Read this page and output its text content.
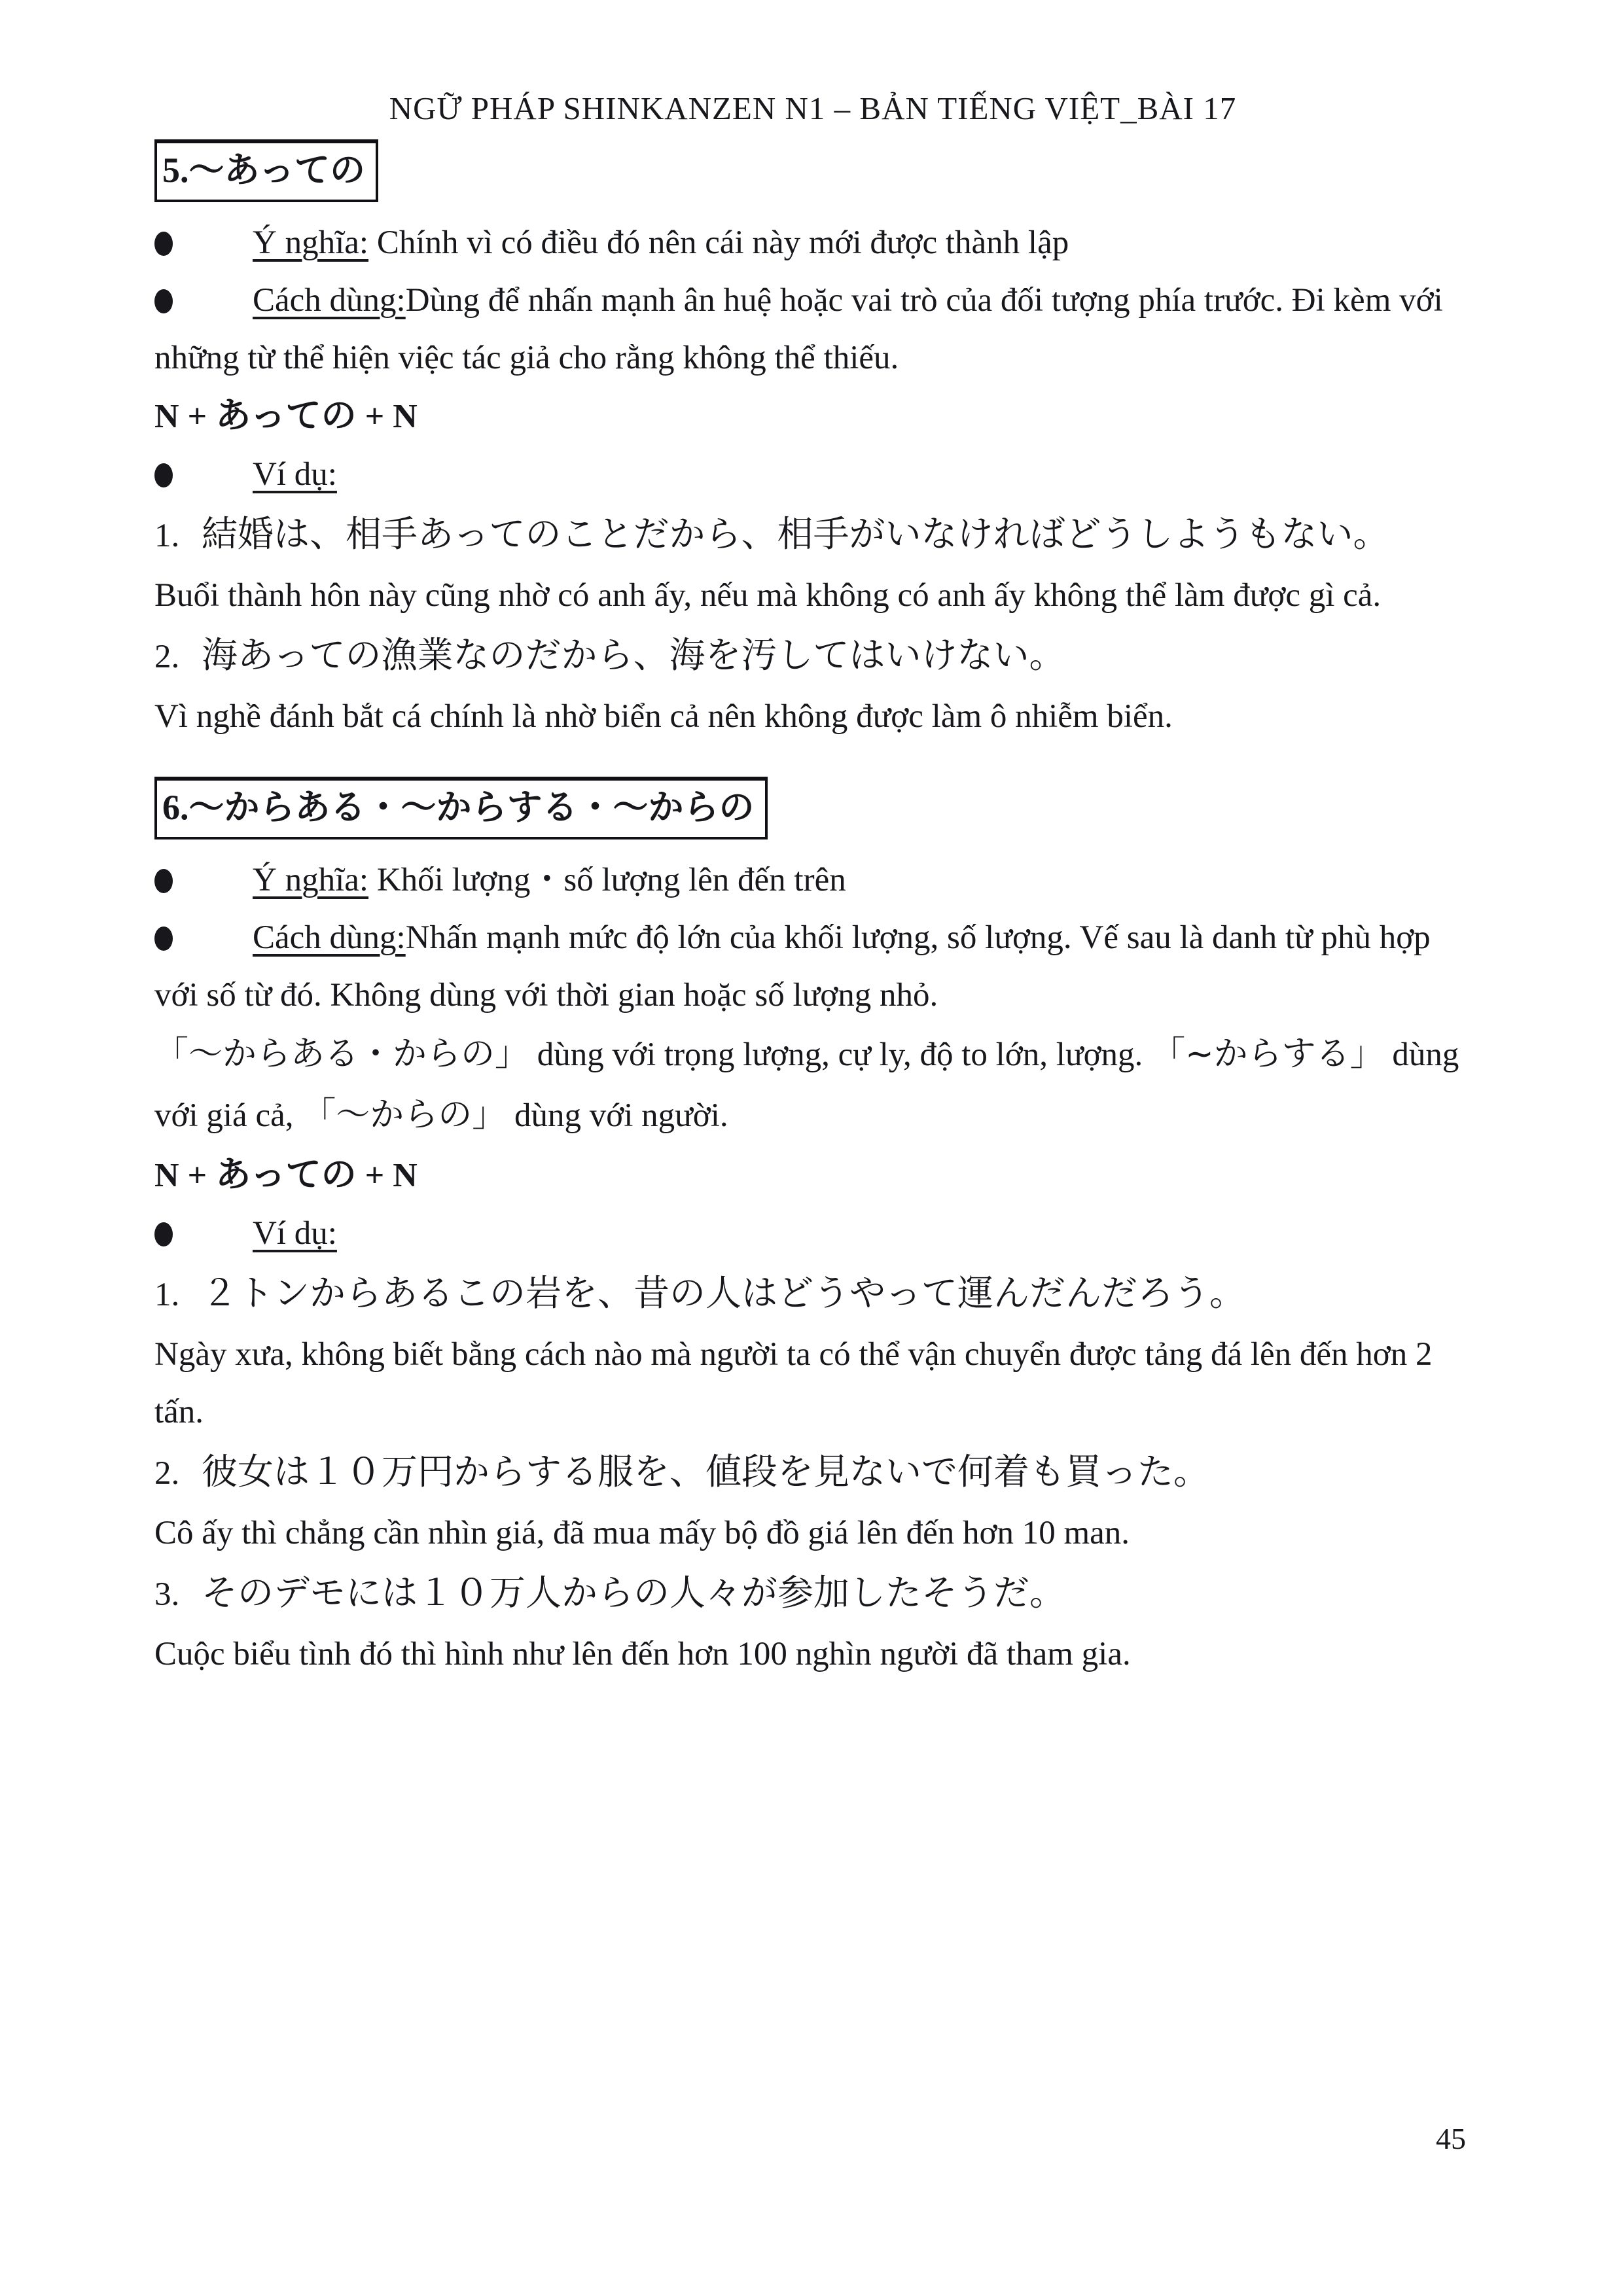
NGỮ PHÁP SHINKANZEN N1 – BẢN TIẾNG VIỆT_BÀI 17
5.～あっての

Ý nghĩa: Chính vì có điều đó nên cái này mới được thành lập

Cách dùng:Dùng để nhấn mạnh ân huệ hoặc vai trò của đối tượng phía trước. Đi kèm với những từ thể hiện việc tác giả cho rằng không thể thiếu.

N + あっての + N

Ví dụ:

1. 結婚は、相手あってのことだから、相手がいなければどうしようもない。

Buổi thành hôn này cũng nhờ có anh ấy, nếu mà không có anh ấy không thể làm được gì cả.

2. 海あっての漁業なのだから、海を汚してはいけない。

Vì nghề đánh bắt cá chính là nhờ biển cả nên không được làm ô nhiễm biển.

6.～からある・～からする・～からの

Ý nghĩa: Khối lượng・số lượng lên đến trên

Cách dùng:Nhấn mạnh mức độ lớn của khối lượng, số lượng. Vế sau là danh từ phù hợp với số từ đó. Không dùng với thời gian hoặc số lượng nhỏ.

「～からある・からの」 dùng với trọng lượng, cự ly, độ to lớn, lượng. 「~からする」 dùng với giá cả, 「～からの」 dùng với người.

N + あっての + N

Ví dụ:

1. ２トンからあるこの岩を、昔の人はどうやって運んだんだろう。

Ngày xưa, không biết bằng cách nào mà người ta có thể vận chuyển được tảng đá lên đến hơn 2 tấn.

2. 彼女は１０万円からする服を、値段を見ないで何着も買った。

Cô ấy thì chẳng cần nhìn giá, đã mua mấy bộ đồ giá lên đến hơn 10 man.

3. そのデモには１０万人からの人々が参加したそうだ。

Cuộc biểu tình đó thì hình như lên đến hơn 100 nghìn người đã tham gia.

45
